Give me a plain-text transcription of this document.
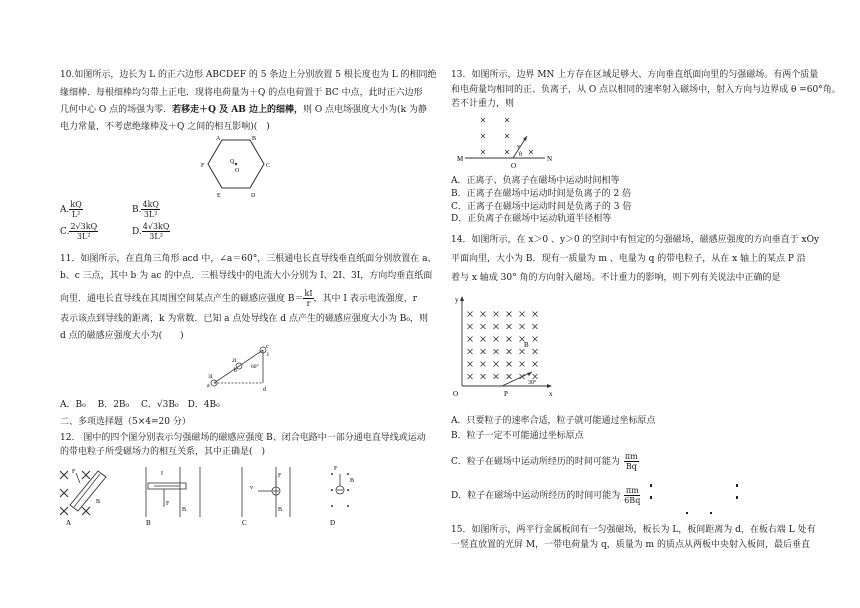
10.如图所示，边长为 L 的正六边形 ABCDEF 的 5 条边上分别放置 5 根长度也为 L 的相同绝
缘细棒．每根细棒均匀带上正电．现将电荷量为＋Q 的点电荷置于 BC 中点，此时正六边形
几何中心 O 点的场强为零．若移走＋Q 及 AB 边上的细棒，则 O 点电场强度大小为(k 为静
电力常量，不考虑绝缘棒及＋Q 之间的相互影响)(　)
A	B
C
D
E
F
Q
O
A. $\frac{kQ}{\text{L²}}$	B. $\frac{4kQ}{\text{3L²}}$
C. $\frac{2√3kQ}{\text{3L²}}$	D. $\frac{4√3kQ}{\text{3L²}}$
11．如图所示，在直角三角形 acd 中，∠a＝60°，三根通电长直导线垂直纸面分别放置在 a、
b、c 三点，其中 b 为 ac 的中点．三根导线中的电流大小分别为 I、2I、3I，方向均垂直纸面
向里．通电长直导线在其周围空间某点产生的磁感应强度 $B= \frac{kI}{r}$ ，其中 I 表示电流强度，r
表示该点到导线的距离，k 为常数．已知 a 点处导线在 d 点产生的磁感应强度大小为 B₀，则
d 点的磁感应强度大小为(　　)
c
b
a
d
2I
3I
I
60°
A．B₀　 B．2B₀　 C．√3B₀　D．4B₀
二、多项选择题（5×4=20 分）
12.　图中的四个图分别表示匀强磁场的磁感应强度 B、闭合电路中一部分通电直导线或运动
的带电粒子所受磁场力的相互关系，其中正确是(　)
F
B
A
I
F
B
B
v
F
B
C
F
B
D
13．如图所示，边界 MN 上方存在区域足够大、方向垂直纸面向里的匀强磁场。有两个质量
和电荷量均相同的正、负离子，从 O 点以相同的速率射入磁场中，射入方向与边界成 θ =60°角。
若不计重力，则
M	N
O
v
θ
A．正离子、负离子在磁场中运动时间相等
B．正离子在磁场中运动时间是负离子的 2 倍
C．正离子在磁场中运动时间是负离子的 3 倍
D．正负离子在磁场中运动轨道半径相等
14．如图所示，在 x＞0 、y＞0 的空间中有恒定的匀强磁场，磁感应强度的方向垂直于 xOy
平面向里，大小为 B．现有一质量为 m 、电量为 q 的带电粒子，从在 x 轴上的某点 P 沿
着与 x 轴成 30° 角的方向射入磁场。不计重力的影响，则下列有关说法中正确的是
y
x
O	P
B
30°
A．只要粒子的速率合适，粒子就可能通过坐标原点
B．粒子一定不可能通过坐标原点
C．粒子在磁场中运动所经历的时间可能为 $\frac{\pi m}{Bq}$
D．粒子在磁场中运动所经历的时间可能为 $\frac{\pi m}{6Bq}$
15．如图所示，两平行金属板间有一匀强磁场，板长为 L，板间距离为 d，在板右端 L 处有
一竖直放置的光屏 M，一带电荷量为 q，质量为 m 的质点从两板中央射入板间，最后垂直
